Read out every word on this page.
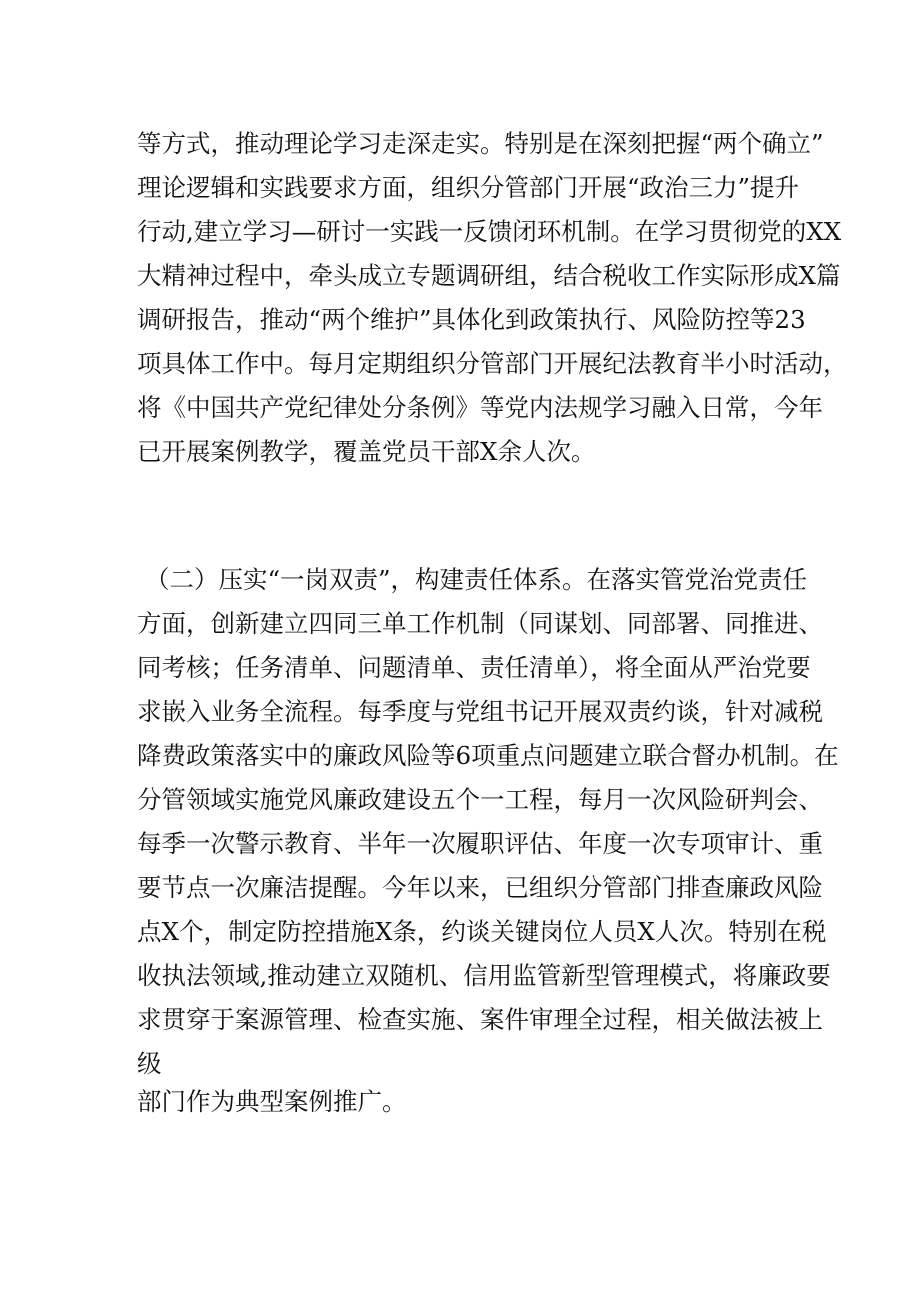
等方式，推动理论学习走深走实。特别是在深刻把握“两个确立”

理论逻辑和实践要求方面，组织分管部门开展“政治三力”提升

行动,建立学习—研讨一实践一反馈闭环机制。在学习贯彻党的XX

大精神过程中，牵头成立专题调研组，结合税收工作实际形成X篇

调研报告，推动“两个维护”具体化到政策执行、风险防控等23

项具体工作中。每月定期组织分管部门开展纪法教育半小时活动，

将《中国共产党纪律处分条例》等党内法规学习融入日常，今年

已开展案例教学，覆盖党员干部X余人次。

（二）压实“一岗双责”，构建责任体系。在落实管党治党责任

方面，创新建立四同三单工作机制（同谋划、同部署、同推进、

同考核；任务清单、问题清单、责任清单），将全面从严治党要

求嵌入业务全流程。每季度与党组书记开展双责约谈，针对减税

降费政策落实中的廉政风险等6项重点问题建立联合督办机制。在

分管领域实施党风廉政建设五个一工程，每月一次风险研判会、

每季一次警示教育、半年一次履职评估、年度一次专项审计、重

要节点一次廉洁提醒。今年以来，已组织分管部门排查廉政风险

点X个，制定防控措施X条，约谈关键岗位人员X人次。特别在税

收执法领域,推动建立双随机、信用监管新型管理模式，将廉政要

求贯穿于案源管理、检查实施、案件审理全过程，相关做法被上

级

部门作为典型案例推广。
